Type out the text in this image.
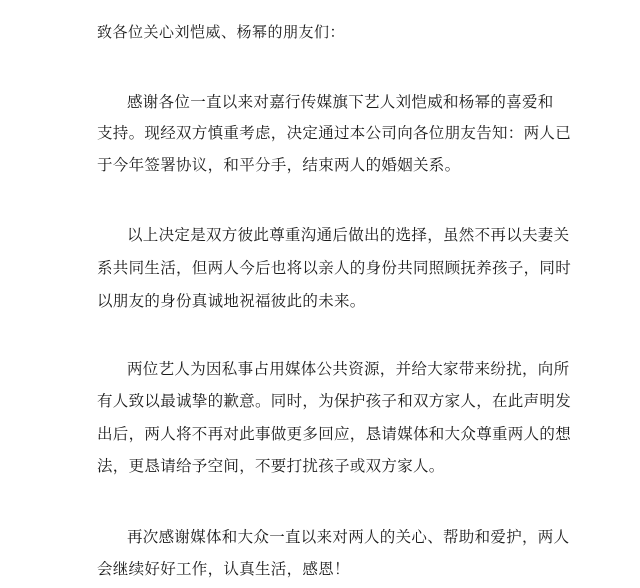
致各位关心刘恺威、杨幂的朋友们：
感谢各位一直以来对嘉行传媒旗下艺人刘恺威和杨幂的喜爱和
支持。现经双方慎重考虑，决定通过本公司向各位朋友告知：两人已
于今年签署协议，和平分手，结束两人的婚姻关系。
以上决定是双方彼此尊重沟通后做出的选择，虽然不再以夫妻关
系共同生活，但两人今后也将以亲人的身份共同照顾抚养孩子，同时
以朋友的身份真诚地祝福彼此的未来。
两位艺人为因私事占用媒体公共资源，并给大家带来纷扰，向所
有人致以最诚挚的歉意。同时，为保护孩子和双方家人，在此声明发
出后，两人将不再对此事做更多回应，恳请媒体和大众尊重两人的想
法，更恳请给予空间，不要打扰孩子或双方家人。
再次感谢媒体和大众一直以来对两人的关心、帮助和爱护，两人
会继续好好工作，认真生活，感恩！
